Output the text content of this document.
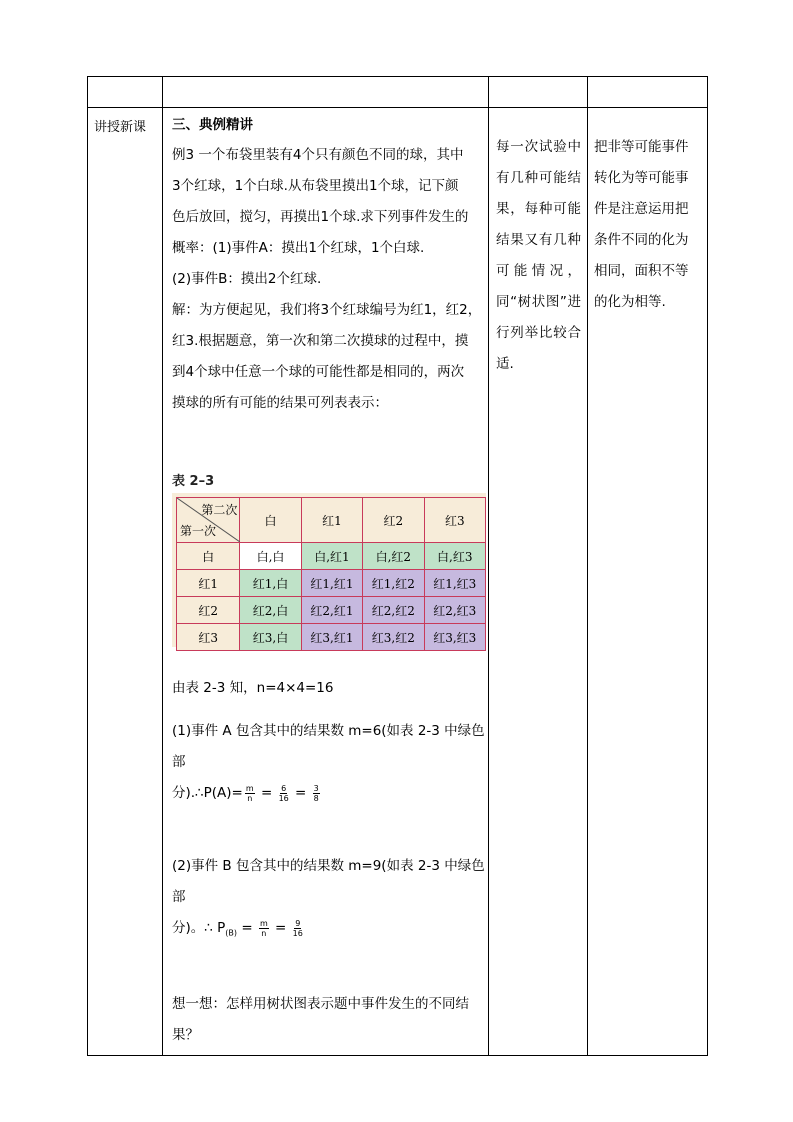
讲授新课	三、典例精讲

例3 一个布袋里装有4个只有颜色不同的球，其中

3个红球，1个白球.从布袋里摸出1个球，记下颜

色后放回，搅匀，再摸出1个球.求下列事件发生的

概率：(1)事件A：摸出1个红球，1个白球.

(2)事件B：摸出2个红球.

解：为方便起见，我们将3个红球编号为红1，红2，

红3.根据题意，第一次和第二次摸球的过程中，摸

到4个球中任意一个球的可能性都是相同的，两次

摸球的所有可能的结果可列表表示：

表 2–3

第二次
第一次
	白	红1	红2	红3
白	白,白	白,红1	白,红2	白,红3
红1	红1,白	红1,红1	红1,红2	红1,红3
红2	红2,白	红2,红1	红2,红2	红2,红3
红3	红3,白	红3,红1	红3,红2	红3,红3

由表 2-3 知，n=4×4=16

(1)事件 A 包含其中的结果数 m=6(如表 2-3 中绿色部

分).∴P(A)= $\frac{m}{n} = \frac{6}{16} = \frac{3}{8}$

(2)事件 B 包含其中的结果数 m=9(如表 2-3 中绿色部

分)。∴ $P_{(B)} = \frac{m}{n} = \frac{9}{16}$

想一想：怎样用树状图表示题中事件发生的不同结

果？

	每一次试验中有几种可能结果，每种可能结果又有几种可能情况，同“树状图”进行列举比较合适.	把非等可能事件转化为等可能事件是注意运用把条件不同的化为相同，面积不等的化为相等.
